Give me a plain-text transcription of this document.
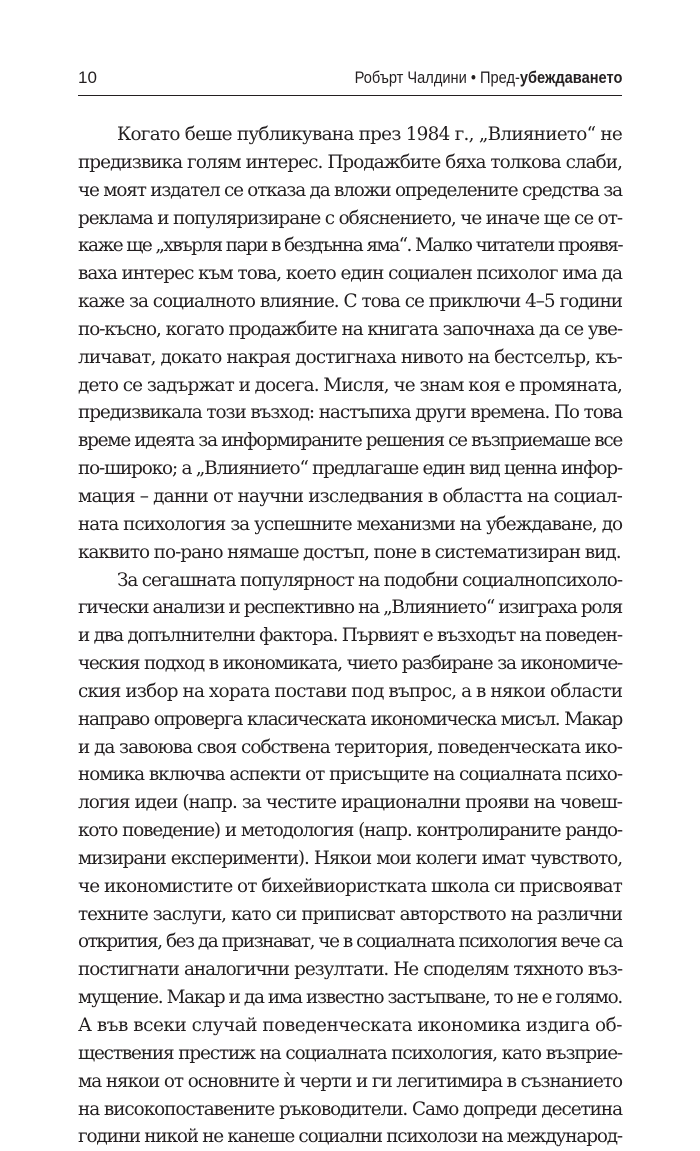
10	Робърт Чалдини • Пред-убеждаването
Когато беше публикувана през 1984 г., „Влиянието“ не
предизвика голям интерес. Продажбите бяха толкова слаби,
че моят издател се отказа да вложи определените средства за
реклама и популяризиране с обяснението, че иначе ще се от-
каже ще „хвърля пари в бездънна яма“. Малко читатели проявя-
ваха интерес към това, което един социален психолог има да
каже за социалното влияние. С това се приключи 4–5 години
по-късно, когато продажбите на книгата започнаха да се уве-
личават, докато накрая достигнаха нивото на бестселър, къ-
дето се задържат и досега. Мисля, че знам коя е промяната,
предизвикала този възход: настъпиха други времена. По това
време идеята за информираните решения се възприемаше все
по-широко; а „Влиянието“ предлагаше един вид ценна инфор-
мация – данни от научни изследвания в областта на социал-
ната психология за успешните механизми на убеждаване, до
каквито по-рано нямаше достъп, поне в систематизиран вид.
За сегашната популярност на подобни социалнопсихоло-
гически анализи и респективно на „Влиянието“ изиграха роля
и два допълнителни фактора. Първият е възходът на поведен-
ческия подход в икономиката, чието разбиране за икономиче-
ския избор на хората постави под въпрос, а в някои области
направо опроверга класическата икономическа мисъл. Макар
и да завоюва своя собствена територия, поведенческата ико-
номика включва аспекти от присъщите на социалната психо-
логия идеи (напр. за честите ирационални прояви на човеш-
кото поведение) и методология (напр. контролираните рандо-
мизирани експерименти). Някои мои колеги имат чувството,
че икономистите от бихейвиористката школа си присвояват
техните заслуги, като си приписват авторството на различни
открития, без да признават, че в социалната психология вече са
постигнати аналогични резултати. Не споделям тяхното въз-
мущение. Макар и да има известно застъпване, то не е голямо.
А във всеки случай поведенческата икономика издига об-
ществения престиж на социалната психология, като възприе-
ма някои от основните ѝ черти и ги легитимира в съзнанието
на високопоставените ръководители. Само допреди десетина
години никой не канеше социални психолози на международ-
